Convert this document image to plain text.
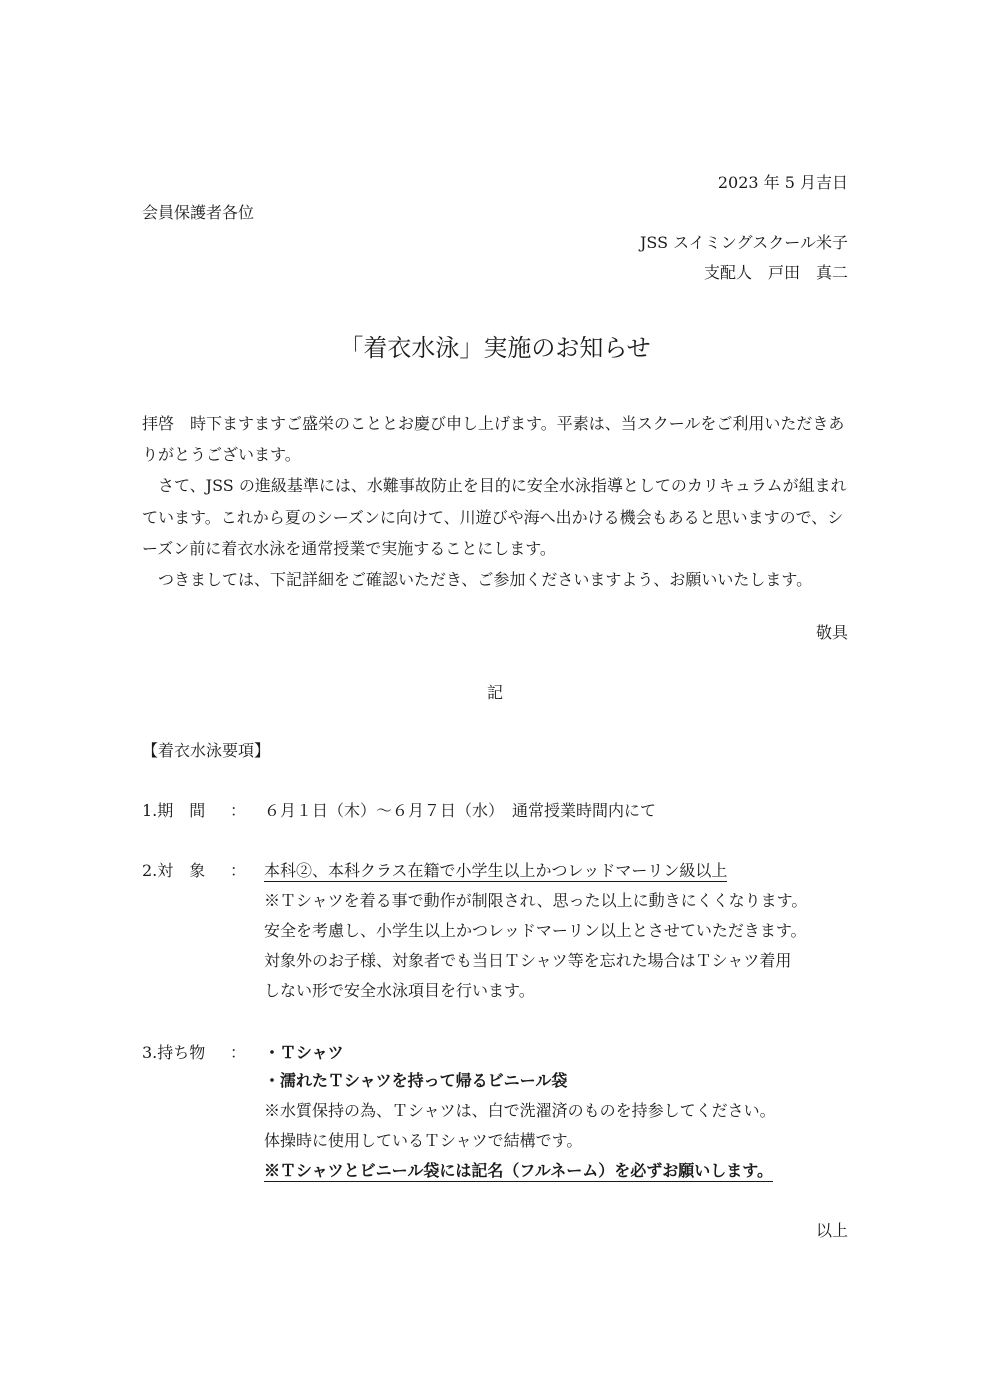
2023 年 5 月吉日
会員保護者各位
JSS スイミングスクール米子
支配人　戸田　真二
「着衣水泳」実施のお知らせ

拝啓　時下ますますご盛栄のこととお慶び申し上げます。平素は、当スクールをご利用いただきありがとうございます。

さて、JSS の進級基準には、水難事故防止を目的に安全水泳指導としてのカリキュラムが組まれています。これから夏のシーズンに向けて、川遊びや海へ出かける機会もあると思いますので、シーズン前に着衣水泳を通常授業で実施することにします。

つきましては、下記詳細をご確認いただき、ご参加くださいますよう、お願いいたします。

敬具
記
【着衣水泳要項】
1.期　間 ： ６月１日（木）～６月７日（水）　通常授業時間内にて
2.対　象 ： 本科②、本科クラス在籍で小学生以上かつレッドマーリン級以上
※Ｔシャツを着る事で動作が制限され、思った以上に動きにくくなります。
安全を考慮し、小学生以上かつレッドマーリン以上とさせていただきます。
対象外のお子様、対象者でも当日Ｔシャツ等を忘れた場合はＴシャツ着用
しない形で安全水泳項目を行います。
3.持ち物 ： ・Ｔシャツ
・濡れたＴシャツを持って帰るビニール袋
※水質保持の為、Ｔシャツは、白で洗濯済のものを持参してください。
体操時に使用しているＴシャツで結構です。
※Ｔシャツとビニール袋には記名（フルネーム）を必ずお願いします。
以上
